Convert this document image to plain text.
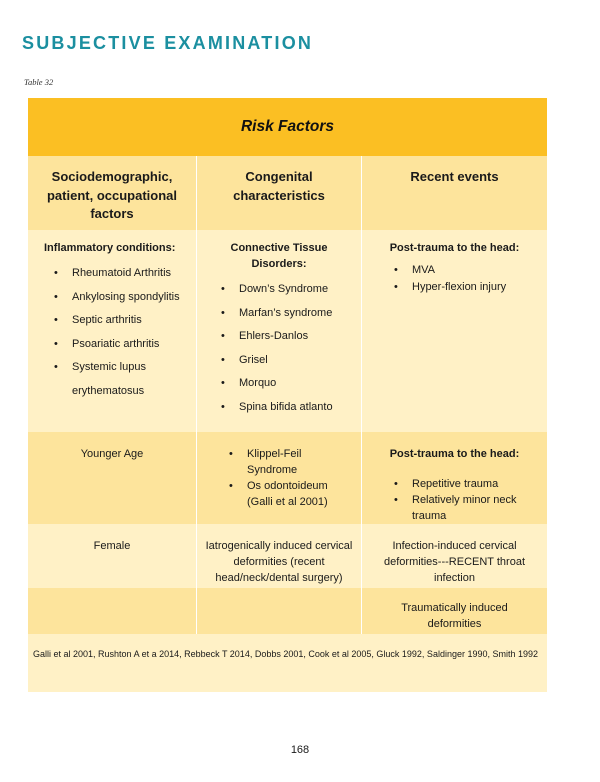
SUBJECTIVE EXAMINATION
Table 32
Risk Factors
Sociodemographic, patient, occupational factors
Congenital characteristics
Recent events
Inflammatory conditions:
• Rheumatoid Arthritis
• Ankylosing spondylitis
• Septic arthritis
• Psoariatic arthritis
• Systemic lupus erythematosus
Connective Tissue Disorders:
• Down’s Syndrome
• Marfan’s syndrome
• Ehlers-Danlos
• Grisel
• Morquo
• Spina bifida atlanto
Post-trauma to the head:
• MVA
• Hyper-flexion injury
Younger Age
•	Klippel-Feil Syndrome
• Os odontoideum (Galli et al 2001)
Post-trauma to the head:
• Repetitive trauma
• Relatively minor neck trauma
Female	Iatrogenically induced cervical deformities (recent head/neck/dental surgery)
Infection-induced cervical deformities---RECENT throat infection
Traumatically induced deformities
Galli et al 2001, Rushton A et a 2014, Rebbeck T 2014, Dobbs 2001, Cook et al 2005, Gluck 1992, Saldinger 1990, Smith 1992
168
